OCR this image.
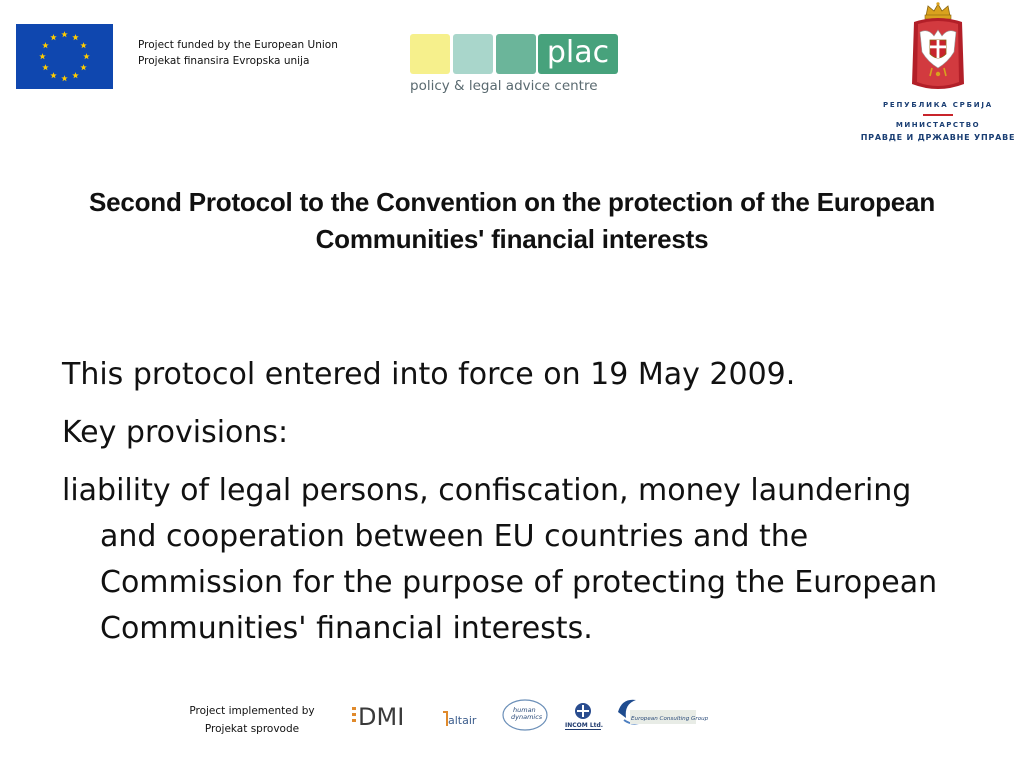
Project funded by the European Union
Projekat finansira Evropska unija	plac
policy & legal advice centre
РЕПУБЛИКА СРБИЈА
МИНИСТАРСТВО
ПРАВДЕ И ДРЖАВНЕ УПРАВЕ
Second Protocol to the Convention on the protection of the European Communities' financial interests

This protocol entered into force on 19 May 2009.

Key provisions:

liability of legal persons, confiscation, money laundering and cooperation between EU countries and the Commission for the purpose of protecting the European Communities' financial interests.

Project implemented by
Projekat sprovode	DMI	altair
human
dynamics
INCOM Ltd.
European Consulting Group
